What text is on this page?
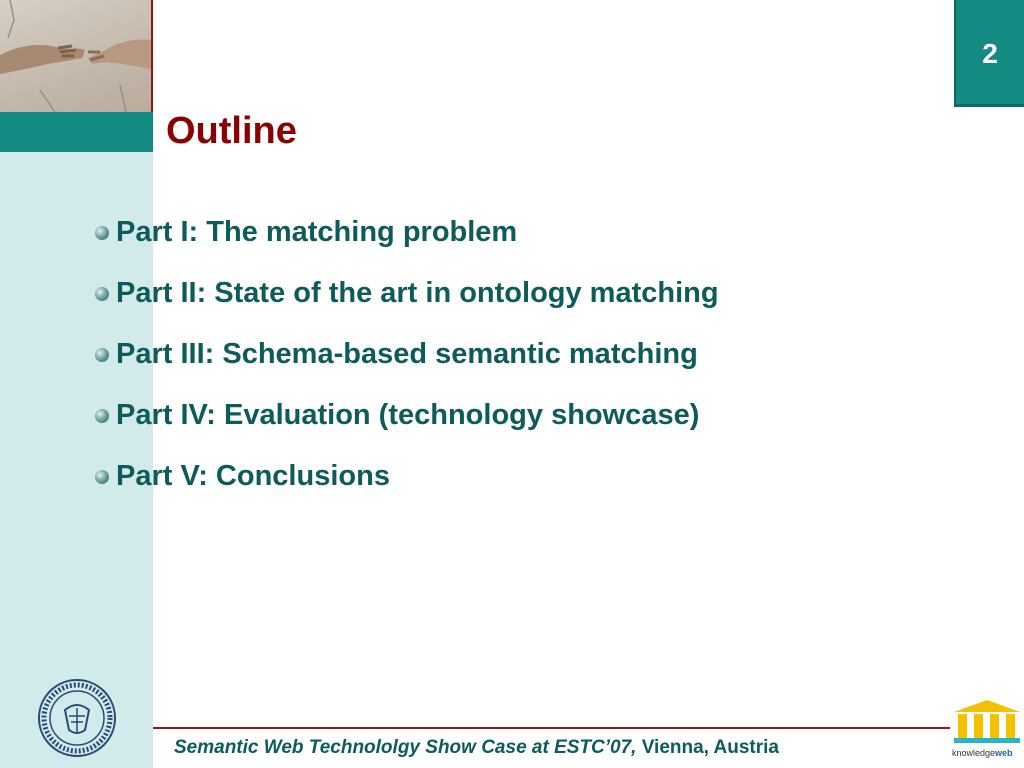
2
Outline
Part I: The matching problem
Part II: State of the art in ontology matching
Part III: Schema-based semantic matching
Part IV: Evaluation (technology showcase)
Part V: Conclusions
Semantic Web Technololgy Show Case at ESTC’07, Vienna, Austria	knowledgeweb
